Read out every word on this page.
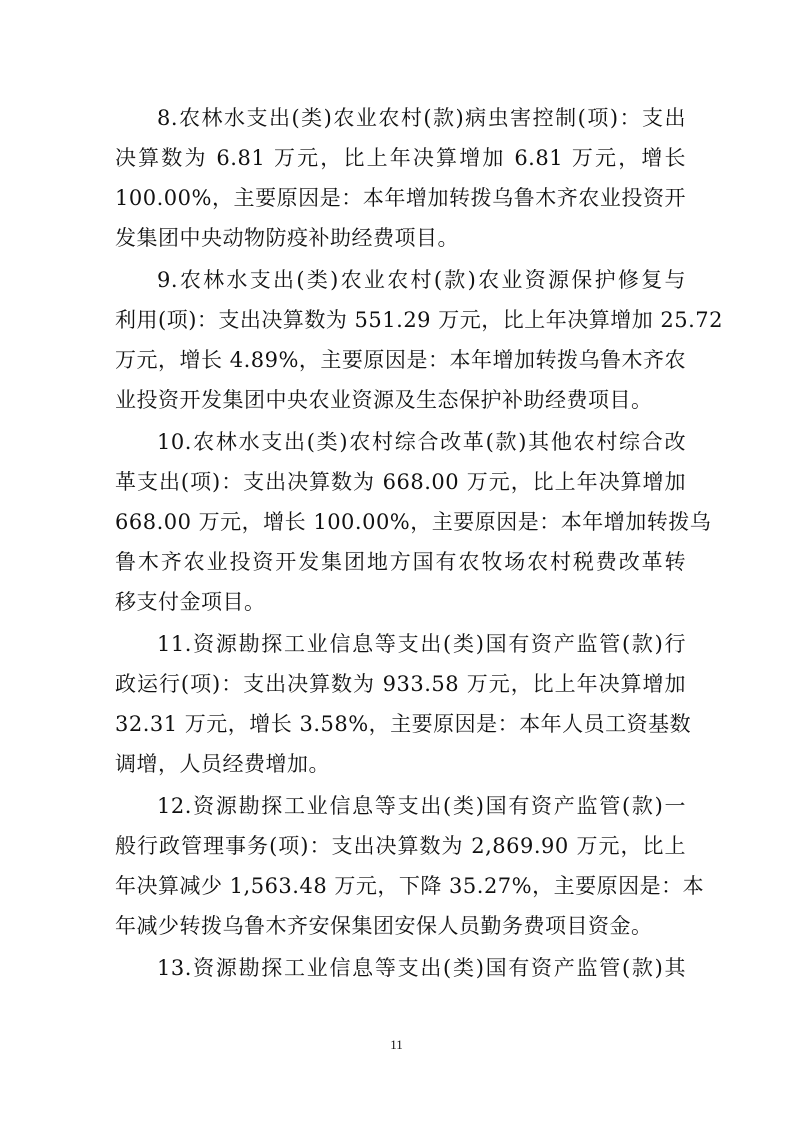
8.农林水支出(类)农业农村(款)病虫害控制(项)：支出
决算数为 6.81 万元，比上年决算增加 6.81 万元，增长
100.00%，主要原因是：本年增加转拨乌鲁木齐农业投资开
发集团中央动物防疫补助经费项目。
9.农林水支出(类)农业农村(款)农业资源保护修复与
利用(项)：支出决算数为 551.29 万元，比上年决算增加 25.72
万元，增长 4.89%，主要原因是：本年增加转拨乌鲁木齐农
业投资开发集团中央农业资源及生态保护补助经费项目。
10.农林水支出(类)农村综合改革(款)其他农村综合改
革支出(项)：支出决算数为 668.00 万元，比上年决算增加
668.00 万元，增长 100.00%，主要原因是：本年增加转拨乌
鲁木齐农业投资开发集团地方国有农牧场农村税费改革转
移支付金项目。
11.资源勘探工业信息等支出(类)国有资产监管(款)行
政运行(项)：支出决算数为 933.58 万元，比上年决算增加
32.31 万元，增长 3.58%，主要原因是：本年人员工资基数
调增，人员经费增加。
12.资源勘探工业信息等支出(类)国有资产监管(款)一
般行政管理事务(项)：支出决算数为 2,869.90 万元，比上
年决算减少 1,563.48 万元，下降 35.27%，主要原因是：本
年减少转拨乌鲁木齐安保集团安保人员勤务费项目资金。
13.资源勘探工业信息等支出(类)国有资产监管(款)其
11
